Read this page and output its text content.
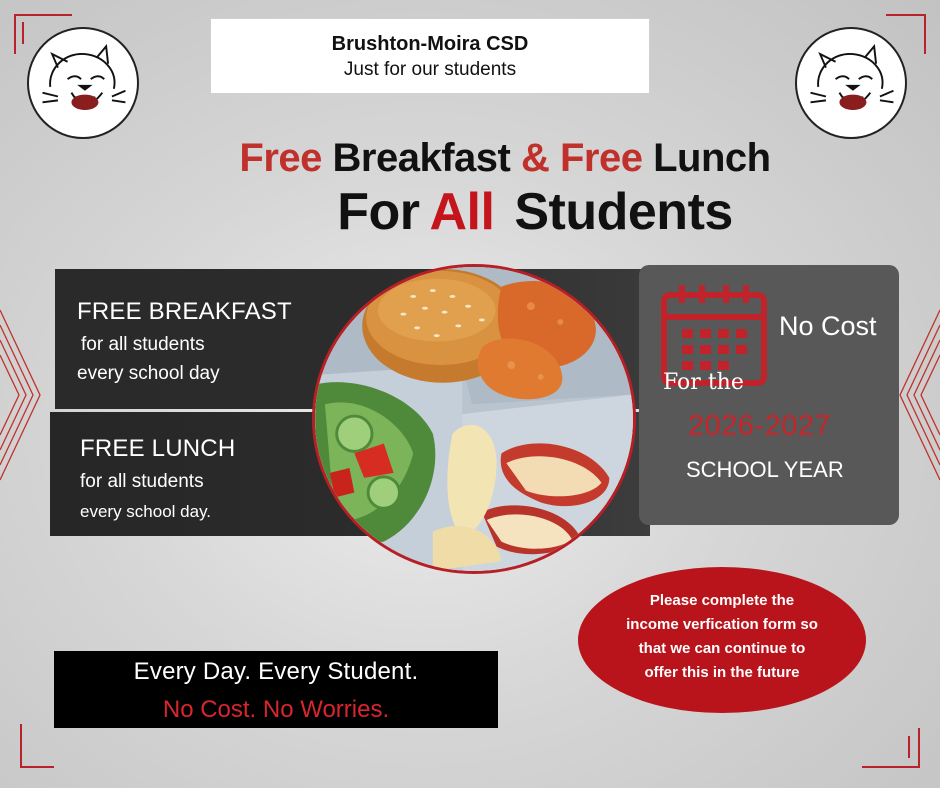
Brushton-Moira CSD
Just for our students
Free Breakfast & Free Lunch
For All Students
FREE BREAKFAST
for all students
every school day
FREE LUNCH
for all students
every school day.
No Cost
For the
2026-2027
SCHOOL YEAR
Please complete the
income verfication form so
that we can continue to
offer this in the future
Every Day. Every Student.
No Cost. No Worries.
